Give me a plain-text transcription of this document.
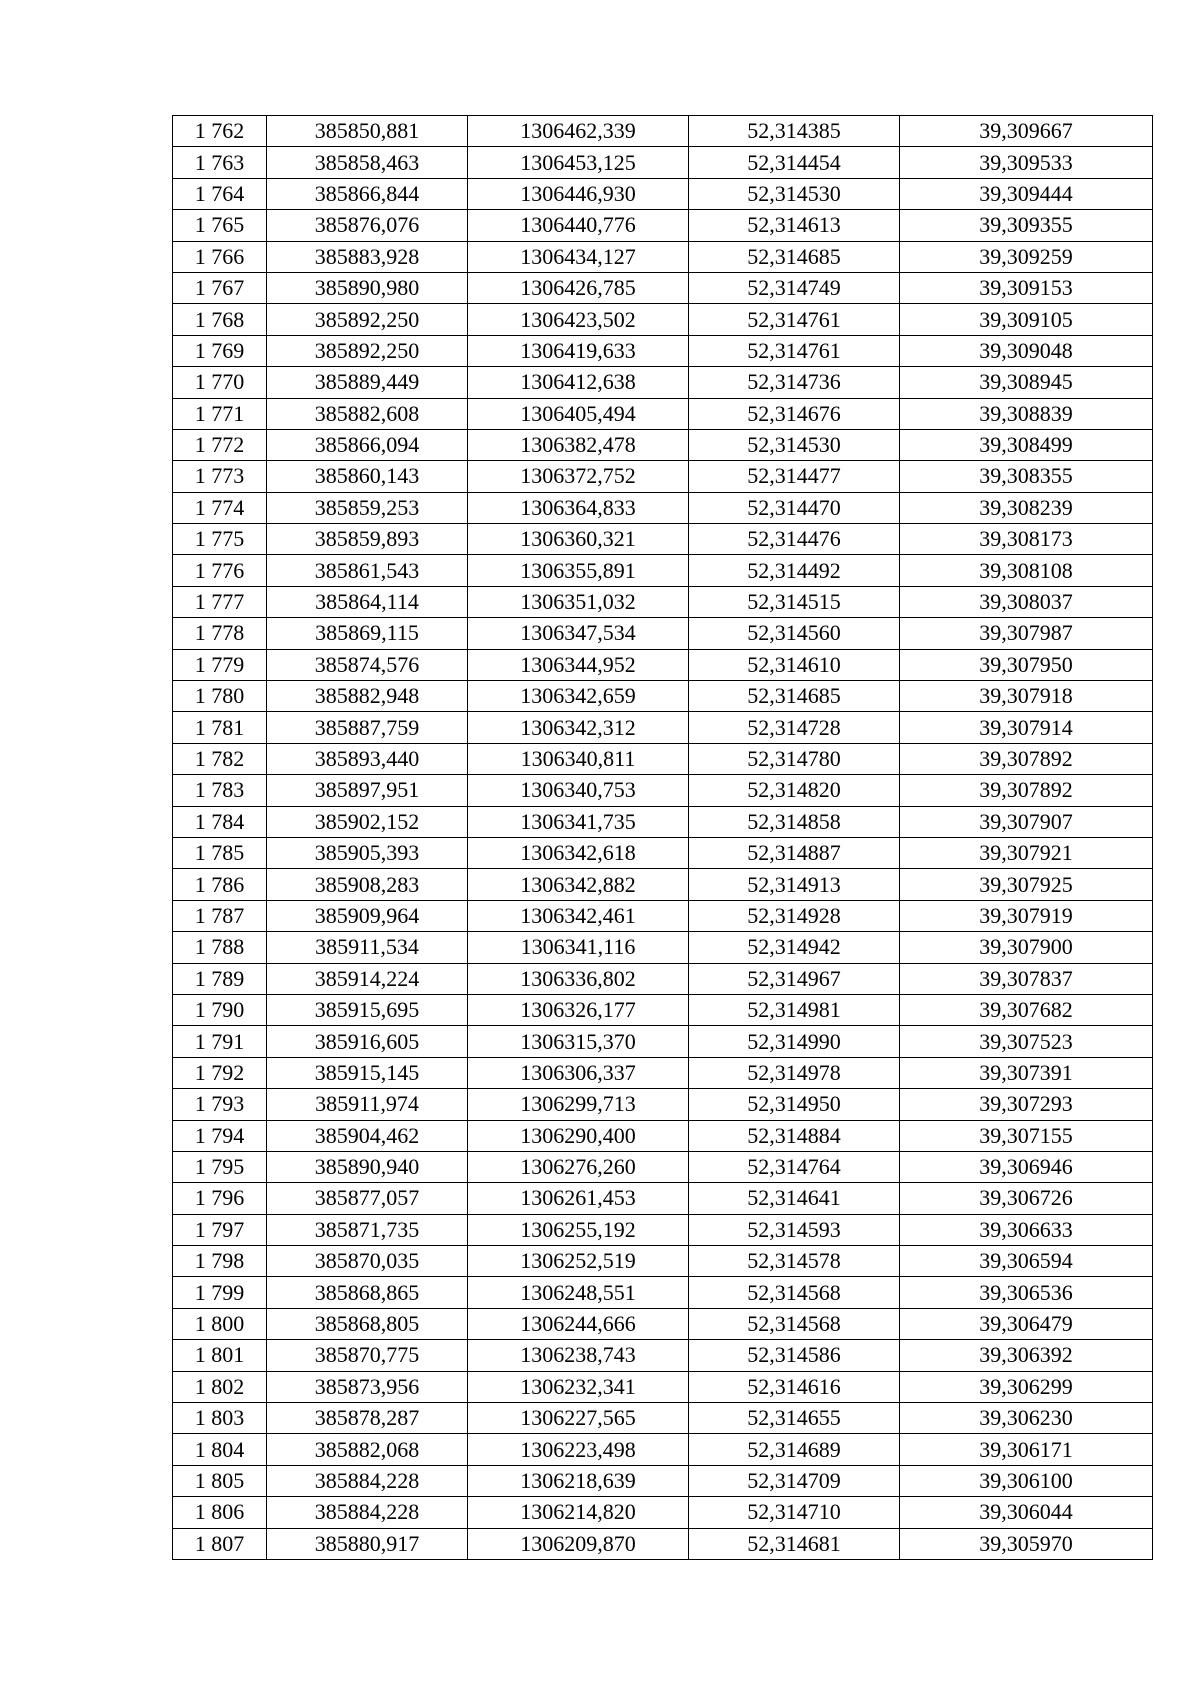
1 762	385850,881	1306462,339	52,314385	39,309667
1 763	385858,463	1306453,125	52,314454	39,309533
1 764	385866,844	1306446,930	52,314530	39,309444
1 765	385876,076	1306440,776	52,314613	39,309355
1 766	385883,928	1306434,127	52,314685	39,309259
1 767	385890,980	1306426,785	52,314749	39,309153
1 768	385892,250	1306423,502	52,314761	39,309105
1 769	385892,250	1306419,633	52,314761	39,309048
1 770	385889,449	1306412,638	52,314736	39,308945
1 771	385882,608	1306405,494	52,314676	39,308839
1 772	385866,094	1306382,478	52,314530	39,308499
1 773	385860,143	1306372,752	52,314477	39,308355
1 774	385859,253	1306364,833	52,314470	39,308239
1 775	385859,893	1306360,321	52,314476	39,308173
1 776	385861,543	1306355,891	52,314492	39,308108
1 777	385864,114	1306351,032	52,314515	39,308037
1 778	385869,115	1306347,534	52,314560	39,307987
1 779	385874,576	1306344,952	52,314610	39,307950
1 780	385882,948	1306342,659	52,314685	39,307918
1 781	385887,759	1306342,312	52,314728	39,307914
1 782	385893,440	1306340,811	52,314780	39,307892
1 783	385897,951	1306340,753	52,314820	39,307892
1 784	385902,152	1306341,735	52,314858	39,307907
1 785	385905,393	1306342,618	52,314887	39,307921
1 786	385908,283	1306342,882	52,314913	39,307925
1 787	385909,964	1306342,461	52,314928	39,307919
1 788	385911,534	1306341,116	52,314942	39,307900
1 789	385914,224	1306336,802	52,314967	39,307837
1 790	385915,695	1306326,177	52,314981	39,307682
1 791	385916,605	1306315,370	52,314990	39,307523
1 792	385915,145	1306306,337	52,314978	39,307391
1 793	385911,974	1306299,713	52,314950	39,307293
1 794	385904,462	1306290,400	52,314884	39,307155
1 795	385890,940	1306276,260	52,314764	39,306946
1 796	385877,057	1306261,453	52,314641	39,306726
1 797	385871,735	1306255,192	52,314593	39,306633
1 798	385870,035	1306252,519	52,314578	39,306594
1 799	385868,865	1306248,551	52,314568	39,306536
1 800	385868,805	1306244,666	52,314568	39,306479
1 801	385870,775	1306238,743	52,314586	39,306392
1 802	385873,956	1306232,341	52,314616	39,306299
1 803	385878,287	1306227,565	52,314655	39,306230
1 804	385882,068	1306223,498	52,314689	39,306171
1 805	385884,228	1306218,639	52,314709	39,306100
1 806	385884,228	1306214,820	52,314710	39,306044
1 807	385880,917	1306209,870	52,314681	39,305970
